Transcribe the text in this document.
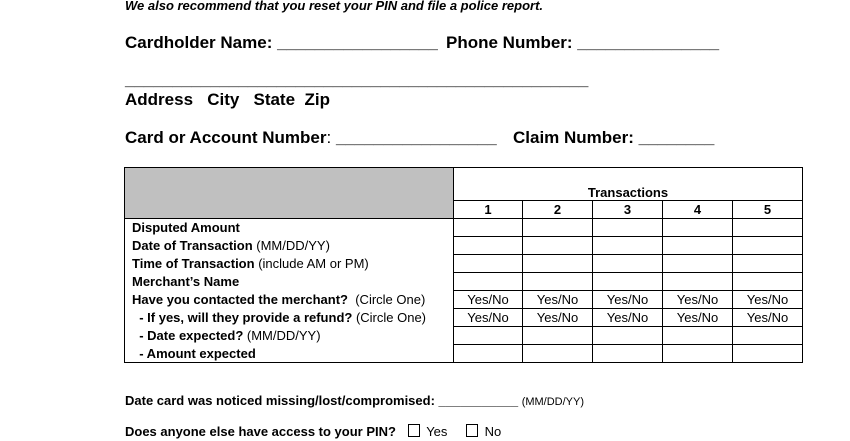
We also recommend that you reset your PIN and file a police report.
Cardholder Name: _________________ Phone Number: _______________
_________________________________________________
Address   City   State  Zip
Card or Account Number: _________________ Claim Number: ________

	Transactions				
	1	2	3	4	5
Disputed Amount					
Date of Transaction (MM/DD/YY)					
Time of Transaction (include AM or PM)					
Merchant’s Name					
Have you contacted the merchant?  (Circle One)	Yes/No	Yes/No	Yes/No	Yes/No	Yes/No
- If yes, will they provide a refund? (Circle One)	Yes/No	Yes/No	Yes/No	Yes/No	Yes/No
- Date expected? (MM/DD/YY)					
- Amount expected					
Date card was noticed missing/lost/compromised: ___________ (MM/DD/YY)
Does anyone else have access to your PIN? Yes	No
